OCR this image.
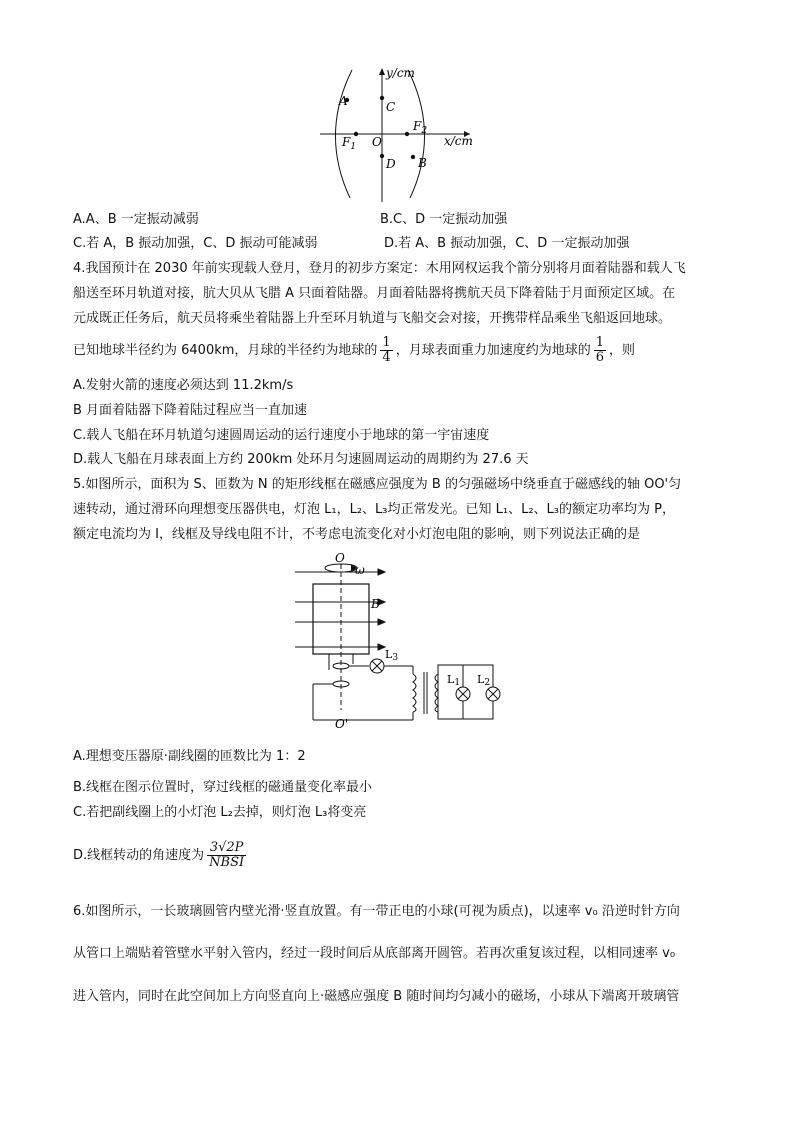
y/cm
x/cm
A	C
O
$F_1$
$F_2$
D B
A.A、B 一定振动减弱	B.C、D 一定振动加强
C.若 A，B 振动加强，C、D 振动可能减弱	D.若 A、B 振动加强，C、D 一定振动加强
4.我国预计在 2030 年前实现载人登月，登月的初步方案定：木用网权运我个箭分别将月面着陆器和载人飞
船送至环月轨道对接，肮大贝从飞腊 A 只面着陆器。月面着陆器将携航天员下降着陆于月面预定区域。在
元成既正任务后，航天员将乘坐着陆器上升至环月轨道与飞船交会对接，开携带样品乘坐飞船返回地球。
已知地球半径约为 6400km，月球的半径约为地球的 $\frac{1}{4}$ ，月球表面重力加速度约为地球的 $\frac{1}{6}$ ，则
A.发射火箭的速度必须达到 11.2km/s
B 月面着陆器下降着陆过程应当一直加速
C.载人飞船在环月轨道匀速圆周运动的运行速度小于地球的第一宇宙速度
D.载人飞船在月球表面上方约 200km 处环月匀速圆周运动的周期约为 27.6 天
5.如图所示，面积为 S、匝数为 N 的矩形线框在磁感应强度为 B 的匀强磁场中绕垂直于磁感线的轴 OO'匀
速转动，通过滑环向理想变压器供电，灯泡 L₁，L₂、L₃均正常发光。已知 L₁、L₂、L₃的额定功率均为 P，
额定电流均为 I，线框及导线电阻不计，不考虑电流变化对小灯泡电阻的影响，则下列说法正确的是
O
ω
B
O'
L3
L1 L2
A.理想变压器原·副线圈的匝数比为 1：2
B.线框在图示位置时，穿过线框的磁通量变化率最小
C.若把副线圈上的小灯泡 L₂去掉，则灯泡 L₃将变亮
D.线框转动的角速度为 $\frac{3√2P}{\text{NBSI}}$
6.如图所示，一长玻璃圆管内壁光滑·竖直放置。有一带正电的小球(可视为质点)，以速率 v₀ 沿逆时针方向
从管口上端贴着管壁水平射入管内，经过一段时间后从底部离开圆管。若再次重复该过程，以相同速率 v₀
进入管内，同时在此空间加上方向竖直向上·磁感应强度 B 随时间均匀减小的磁场，小球从下端离开玻璃管
